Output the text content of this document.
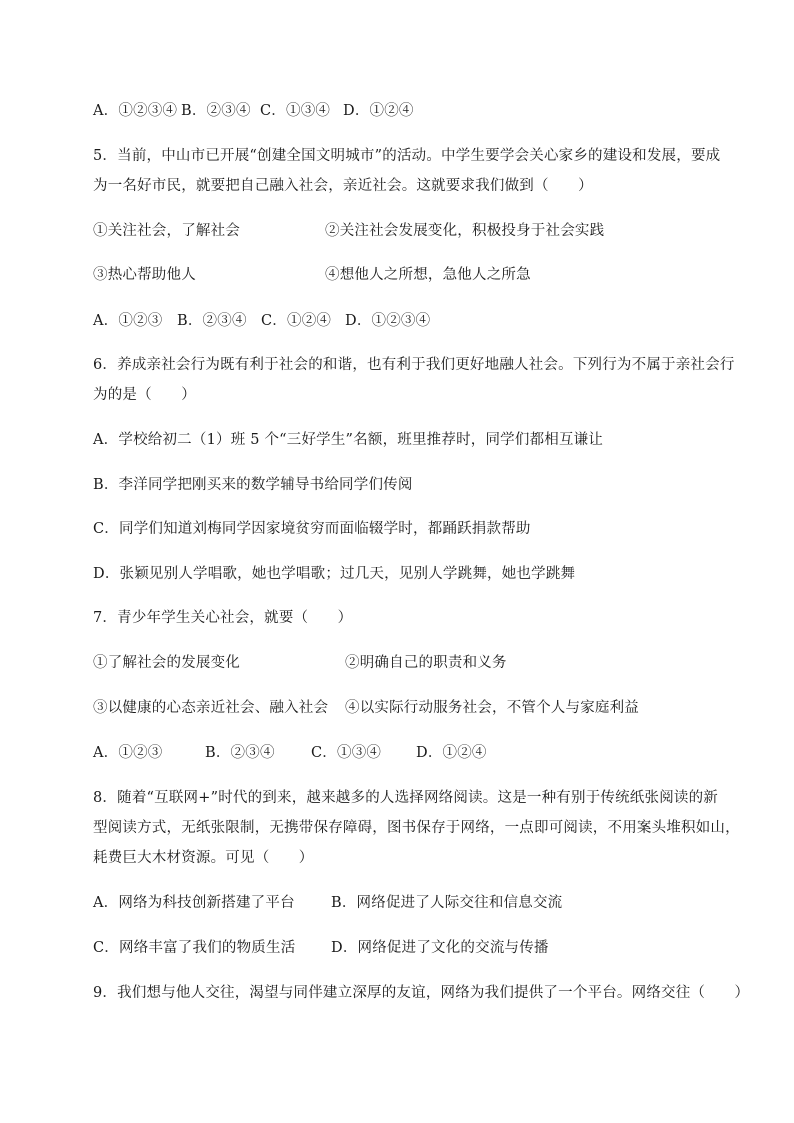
A．①②③④ B．②③④ C．①③④ D．①②④
5．当前，中山市已开展“创建全国文明城市”的活动。中学生要学会关心家乡的建设和发展，要成
为一名好市民，就要把自己融入社会，亲近社会。这就要求我们做到（　　）
①关注社会，了解社会	②关注社会发展变化，积极投身于社会实践
③热心帮助他人	④想他人之所想，急他人之所急
A．①②③ B．②③④ C．①②④ D．①②③④
6．养成亲社会行为既有利于社会的和谐，也有利于我们更好地融人社会。下列行为不属于亲社会行
为的是（　　）
A．学校给初二（1）班 5 个“三好学生”名额，班里推荐时，同学们都相互谦让
B．李洋同学把刚买来的数学辅导书给同学们传阅
C．同学们知道刘梅同学因家境贫穷而面临辍学时，都踊跃捐款帮助
D．张颖见别人学唱歌，她也学唱歌；过几天，见别人学跳舞，她也学跳舞
7．青少年学生关心社会，就要（　　）
①了解社会的发展变化	②明确自己的职责和义务
③以健康的心态亲近社会、融入社会 ④以实际行动服务社会，不管个人与家庭利益
A．①②③	B．②③④	C．①③④ D．①②④
8．随着“互联网+”时代的到来，越来越多的人选择网络阅读。这是一种有别于传统纸张阅读的新
型阅读方式，无纸张限制，无携带保存障碍，图书保存于网络，一点即可阅读，不用案头堆积如山，
耗费巨大木材资源。可见（　　）
A．网络为科技创新搭建了平台 B．网络促进了人际交往和信息交流
C．网络丰富了我们的物质生活 D．网络促进了文化的交流与传播
9．我们想与他人交往，渴望与同伴建立深厚的友谊，网络为我们提供了一个平台。网络交往（　　）
